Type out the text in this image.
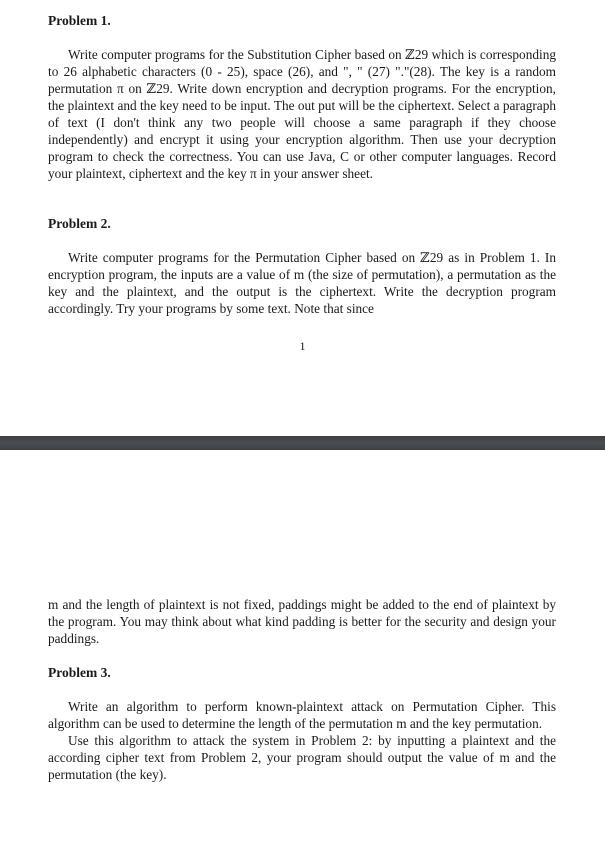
Problem 1.

Write computer programs for the Substitution Cipher based on ℤ29 which is corresponding to 26 alphabetic characters (0 - 25), space (26), and ", " (27) "."(28). The key is a random permutation π on ℤ29. Write down encryption and decryption programs. For the encryption, the plaintext and the key need to be input. The out put will be the ciphertext. Select a paragraph of text (I don't think any two people will choose a same paragraph if they choose independently) and encrypt it using your encryption algorithm. Then use your decryption program to check the correctness. You can use Java, C or other computer languages. Record your plaintext, ciphertext and the key π in your answer sheet.

Problem 2.

Write computer programs for the Permutation Cipher based on ℤ29 as in Problem 1. In encryption program, the inputs are a value of m (the size of permutation), a permutation as the key and the plaintext, and the output is the ciphertext. Write the decryption program accordingly. Try your programs by some text. Note that since

1

m and the length of plaintext is not fixed, paddings might be added to the end of plaintext by the program. You may think about what kind padding is better for the security and design your paddings.

Problem 3.

Write an algorithm to perform known-plaintext attack on Permutation Cipher. This algorithm can be used to determine the length of the permutation m and the key permutation.

Use this algorithm to attack the system in Problem 2: by inputting a plaintext and the according cipher text from Problem 2, your program should output the value of m and the permutation (the key).
